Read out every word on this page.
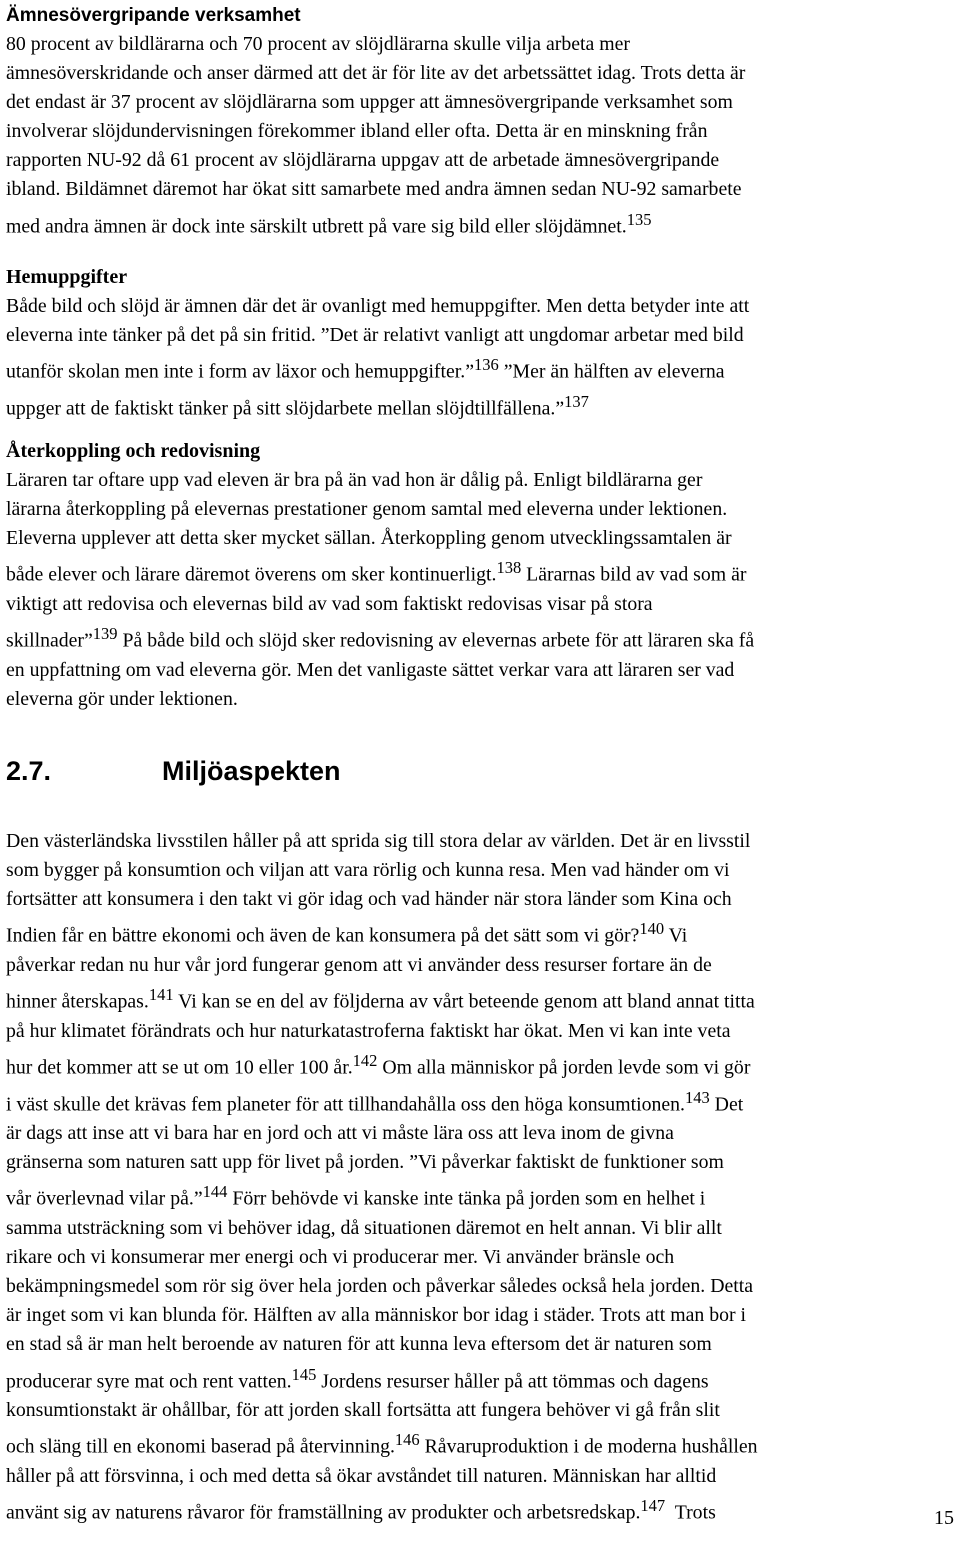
Ämnesövergripande verksamhet

80 procent av bildlärarna och 70 procent av slöjdlärarna skulle vilja arbeta mer
ämnesöverskridande och anser därmed att det är för lite av det arbetssättet idag. Trots detta är
det endast är 37 procent av slöjdlärarna som uppger att ämnesövergripande verksamhet som
involverar slöjdundervisningen förekommer ibland eller ofta. Detta är en minskning från
rapporten NU-92 då 61 procent av slöjdlärarna uppgav att de arbetade ämnesövergripande
ibland. Bildämnet däremot har ökat sitt samarbete med andra ämnen sedan NU-92 samarbete
med andra ämnen är dock inte särskilt utbrett på vare sig bild eller slöjdämnet.$^{135}$

Hemuppgifter

Både bild och slöjd är ämnen där det är ovanligt med hemuppgifter. Men detta betyder inte att
eleverna inte tänker på det på sin fritid. ”Det är relativt vanligt att ungdomar arbetar med bild
utanför skolan men inte i form av läxor och hemuppgifter.”$^{136}$ ”Mer än hälften av eleverna
uppger att de faktiskt tänker på sitt slöjdarbete mellan slöjdtillfällena.”$^{137}$

Återkoppling och redovisning

Läraren tar oftare upp vad eleven är bra på än vad hon är dålig på. Enligt bildlärarna ger
lärarna återkoppling på elevernas prestationer genom samtal med eleverna under lektionen.
Eleverna upplever att detta sker mycket sällan. Återkoppling genom utvecklingssamtalen är
både elever och lärare däremot överens om sker kontinuerligt.$^{138}$ Lärarnas bild av vad som är
viktigt att redovisa och elevernas bild av vad som faktiskt redovisas visar på stora
skillnader”$^{139}$ På både bild och slöjd sker redovisning av elevernas arbete för att läraren ska få
en uppfattning om vad eleverna gör. Men det vanligaste sättet verkar vara att läraren ser vad
eleverna gör under lektionen.

2.7.	Miljöaspekten

Den västerländska livsstilen håller på att sprida sig till stora delar av världen. Det är en livsstil
som bygger på konsumtion och viljan att vara rörlig och kunna resa. Men vad händer om vi
fortsätter att konsumera i den takt vi gör idag och vad händer när stora länder som Kina och
Indien får en bättre ekonomi och även de kan konsumera på det sätt som vi gör?$^{140}$ Vi
påverkar redan nu hur vår jord fungerar genom att vi använder dess resurser fortare än de
hinner återskapas.$^{141}$ Vi kan se en del av följderna av vårt beteende genom att bland annat titta
på hur klimatet förändrats och hur naturkatastroferna faktiskt har ökat. Men vi kan inte veta
hur det kommer att se ut om 10 eller 100 år.$^{142}$ Om alla människor på jorden levde som vi gör
i väst skulle det krävas fem planeter för att tillhandahålla oss den höga konsumtionen.$^{143}$ Det
är dags att inse att vi bara har en jord och att vi måste lära oss att leva inom de givna
gränserna som naturen satt upp för livet på jorden. ”Vi påverkar faktiskt de funktioner som
vår överlevnad vilar på.”$^{144}$ Förr behövde vi kanske inte tänka på jorden som en helhet i
samma utsträckning som vi behöver idag, då situationen däremot en helt annan. Vi blir allt
rikare och vi konsumerar mer energi och vi producerar mer. Vi använder bränsle och
bekämpningsmedel som rör sig över hela jorden och påverkar således också hela jorden. Detta
är inget som vi kan blunda för. Hälften av alla människor bor idag i städer. Trots att man bor i
en stad så är man helt beroende av naturen för att kunna leva eftersom det är naturen som
producerar syre mat och rent vatten.$^{145}$ Jordens resurser håller på att tömmas och dagens
konsumtionstakt är ohållbar, för att jorden skall fortsätta att fungera behöver vi gå från slit
och släng till en ekonomi baserad på återvinning.$^{146}$ Råvaruproduktion i de moderna hushållen
håller på att försvinna, i och med detta så ökar avståndet till naturen. Människan har alltid
använt sig av naturens råvaror för framställning av produkter och arbetsredskap.$^{147}$  Trots	15
